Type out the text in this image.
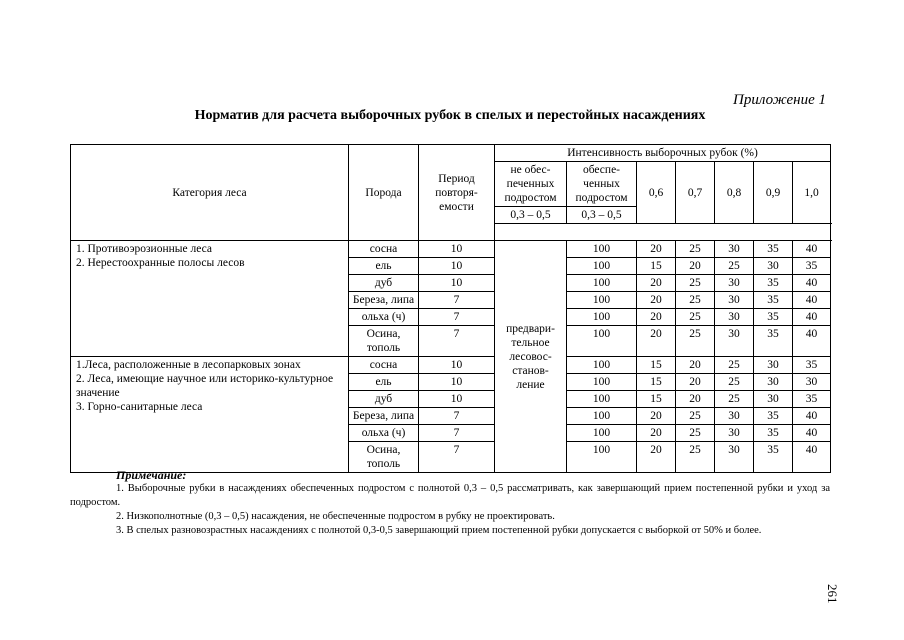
Приложение 1
Норматив для расчета выборочных рубок в спелых и перестойных насаждениях
Категория леса	Порода	Период повторя- емости	Интенсивность выборочных рубок (%)							
			не обес- печенных подростом	обеспе- ченных подростом	0,6	0,7	0,8	0,9	1,0	
			0,3 – 0,5	0,3 – 0,5						

1. Противоэрозионные леса
2. Нерестоохранные полосы лесов	сосна	10	предвари- тельное лесовос- станов- ление	100	20	25	30	35	40	
	ель	10		100	15	20	25	30	35	
	дуб	10		100	20	25	30	35	40	
	Береза, липа	7		100	20	25	30	35	40	
	ольха (ч)	7		100	20	25	30	35	40	
	Осина, тополь	7		100	20	25	30	35	40	

1.Леса, расположенные в лесопарковых зонах
2. Леса, имеющие научное или историко-культурное значение
3. Горно-санитарные леса	сосна	10		100	15	20	25	30	35	
	ель	10		100	15	20	25	30	30	
	дуб	10		100	15	20	25	30	35	
	Береза, липа	7		100	20	25	30	35	40	
	ольха (ч)	7		100	20	25	30	35	40	
	Осина, тополь	7		100	20	25	30	35	40	
Примечание:

1. Выборочные рубки в насаждениях обеспеченных подростом с полнотой 0,3 – 0,5 рассматривать, как завершающий прием постепенной рубки и уход за подростом.

2. Низкополнотные (0,3 – 0,5) насаждения, не обеспеченные подростом в рубку не проектировать.

3. В спелых разновозрастных насаждениях с полнотой 0,3-0,5 завершающий прием постепенной рубки допускается с выборкой от 50% и более.

261
